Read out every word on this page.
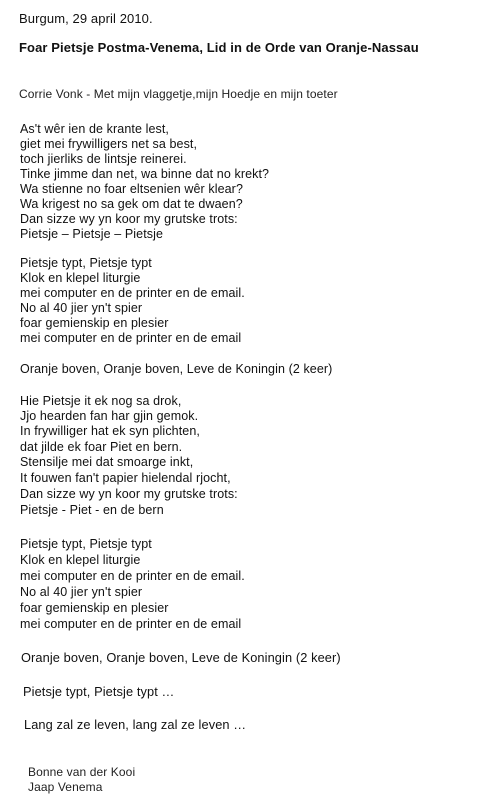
Burgum, 29 april 2010.
Foar Pietsje Postma-Venema, Lid in de Orde van Oranje-Nassau
Corrie Vonk - Met mijn vlaggetje,mijn Hoedje en mijn toeter
As't wêr ien de krante lest,
giet mei frywilligers net sa best,
toch jierliks de lintsje reinerei.
Tinke jimme dan net, wa binne dat no krekt?
Wa stienne no foar eltsenien wêr klear?
Wa krigest no sa gek om dat te dwaen?
Dan sizze wy yn koor my grutske trots:
Pietsje – Pietsje – Pietsje
Pietsje typt, Pietsje typt
Klok en klepel liturgie
mei computer en de printer en de email.
No al 40 jier yn't spier
foar gemienskip en plesier
mei computer en de printer en de email
Oranje boven, Oranje boven, Leve de Koningin (2 keer)
Hie Pietsje it ek nog sa drok,
Jjo hearden fan har gjin gemok.
In frywilliger hat ek syn plichten,
dat jilde ek foar Piet en bern.
Stensilje mei dat smoarge inkt,
It fouwen fan't papier hielendal rjocht,
Dan sizze wy yn koor my grutske trots:
Pietsje - Piet - en de bern
Pietsje typt, Pietsje typt
Klok en klepel liturgie
mei computer en de printer en de email.
No al 40 jier yn't spier
foar gemienskip en plesier
mei computer en de printer en de email
Oranje boven, Oranje boven, Leve de Koningin (2 keer)
Pietsje typt, Pietsje typt …
Lang zal ze leven, lang zal ze leven …
Bonne van der Kooi
Jaap Venema
